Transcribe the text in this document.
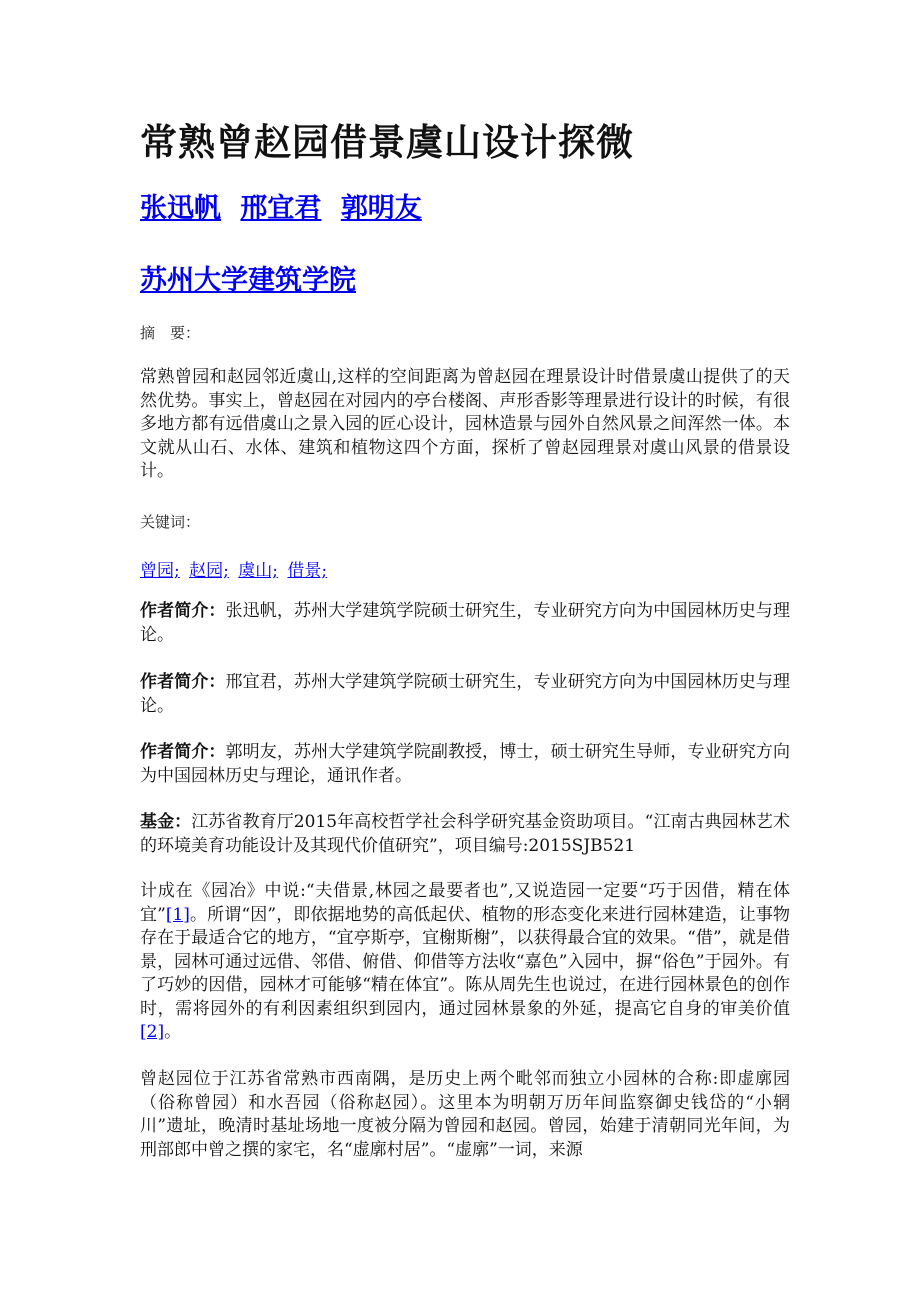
常熟曾赵园借景虞山设计探微
张迅帆 邢宜君 郭明友
苏州大学建筑学院
摘　要：

常熟曾园和赵园邻近虞山,这样的空间距离为曾赵园在理景设计时借景虞山提供了的天然优势。事实上，曾赵园在对园内的亭台楼阁、声形香影等理景进行设计的时候，有很多地方都有远借虞山之景入园的匠心设计，园林造景与园外自然风景之间浑然一体。本文就从山石、水体、建筑和植物这四个方面，探析了曾赵园理景对虞山风景的借景设计。

关键词：
曾园; 赵园; 虞山; 借景;

作者简介：张迅帆，苏州大学建筑学院硕士研究生，专业研究方向为中国园林历史与理论。

作者简介：邢宜君，苏州大学建筑学院硕士研究生，专业研究方向为中国园林历史与理论。

作者简介：郭明友，苏州大学建筑学院副教授，博士，硕士研究生导师，专业研究方向为中国园林历史与理论，通讯作者。

基金：江苏省教育厅2015年高校哲学社会科学研究基金资助项目。“江南古典园林艺术的环境美育功能设计及其现代价值研究”，项目编号:2015SJB521

计成在《园冶》中说:“夫借景,林园之最要者也”,又说造园一定要“巧于因借，精在体宜”[1]。所谓“因”，即依据地势的高低起伏、植物的形态变化来进行园林建造，让事物存在于最适合它的地方，“宜亭斯亭，宜榭斯榭”，以获得最合宜的效果。“借”，就是借景，园林可通过远借、邻借、俯借、仰借等方法收“嘉色”入园中，摒“俗色”于园外。有了巧妙的因借，园林才可能够“精在体宜”。陈从周先生也说过，在进行园林景色的创作时，需将园外的有利因素组织到园内，通过园林景象的外延，提高它自身的审美价值[2]。

曾赵园位于江苏省常熟市西南隅，是历史上两个毗邻而独立小园林的合称:即虚廓园（俗称曾园）和水吾园（俗称赵园）。这里本为明朝万历年间监察御史钱岱的“小辋川”遗址，晚清时基址场地一度被分隔为曾园和赵园。曾园，始建于清朝同光年间，为刑部郎中曾之撰的家宅，名“虚廓村居”。“虚廓”一词，来源
